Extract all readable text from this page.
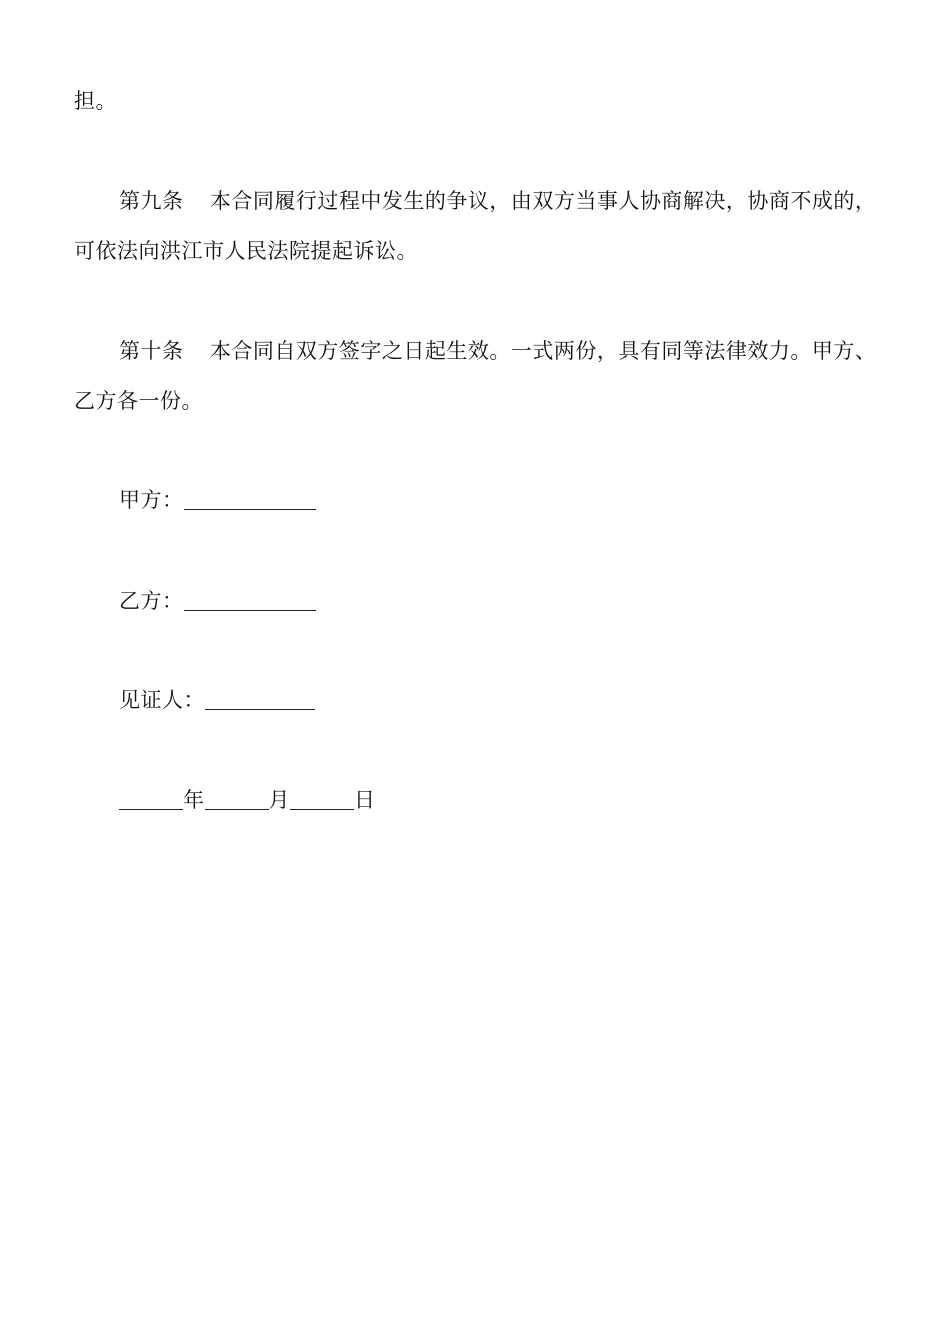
担。
第九条 本合同履行过程中发生的争议，由双方当事人协商解决，协商不成的，
可依法向洪江市人民法院提起诉讼。
第十条 本合同自双方签字之日起生效。一式两份，具有同等法律效力。甲方、
乙方各一份。
甲方：
乙方：
见证人：
年	月	日
